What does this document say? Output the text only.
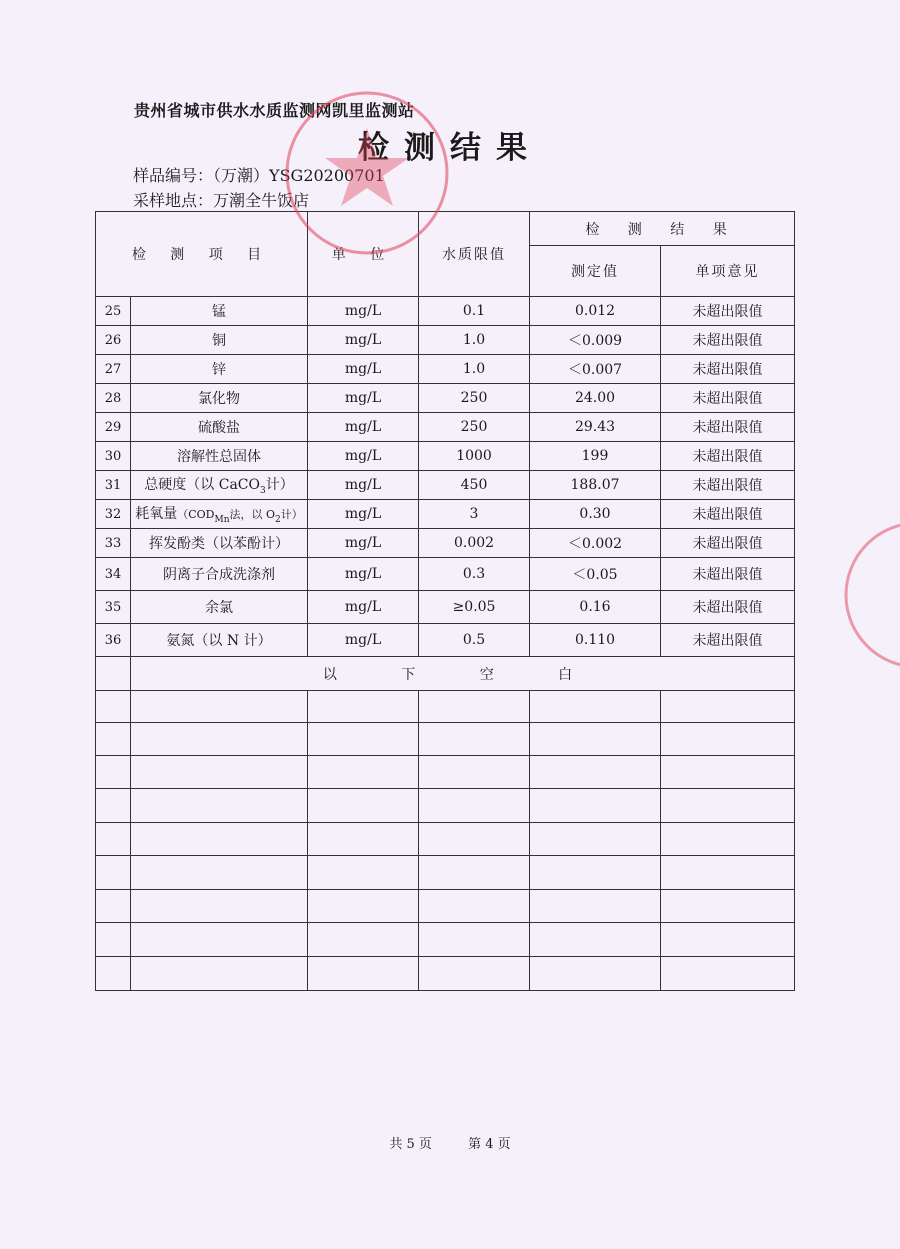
贵州省城市供水水质监测网凯里监测站
检测结果
样品编号：（万潮）YSG20200701
采样地点：万潮全牛饭店
检 测 项 目		单 位	水质限值	检 测 结 果	
				测定值	单项意见
25	锰	mg/L	0.1	0.012	未超出限值
26	铜	mg/L	1.0	＜0.009	未超出限值
27	锌	mg/L	1.0	＜0.007	未超出限值
28	氯化物	mg/L	250	24.00	未超出限值
29	硫酸盐	mg/L	250	29.43	未超出限值
30	溶解性总固体	mg/L	1000	199	未超出限值
31	总硬度（以 CaCO$_3$计）	mg/L	450	188.07	未超出限值
32	耗氧量（$COD_{Mn}$法，以 $O_2$计）	mg/L	3	0.30	未超出限值
33	挥发酚类（以苯酚计）	mg/L	0.002	＜0.002	未超出限值
34	阴离子合成洗涤剂	mg/L	0.3	＜0.05	未超出限值
35	余氯	mg/L	≥0.05	0.16	未超出限值
36	氨氮（以 N 计）	mg/L	0.5	0.110	未超出限值
	以 下 空 白				

共 5 页	第 4 页
